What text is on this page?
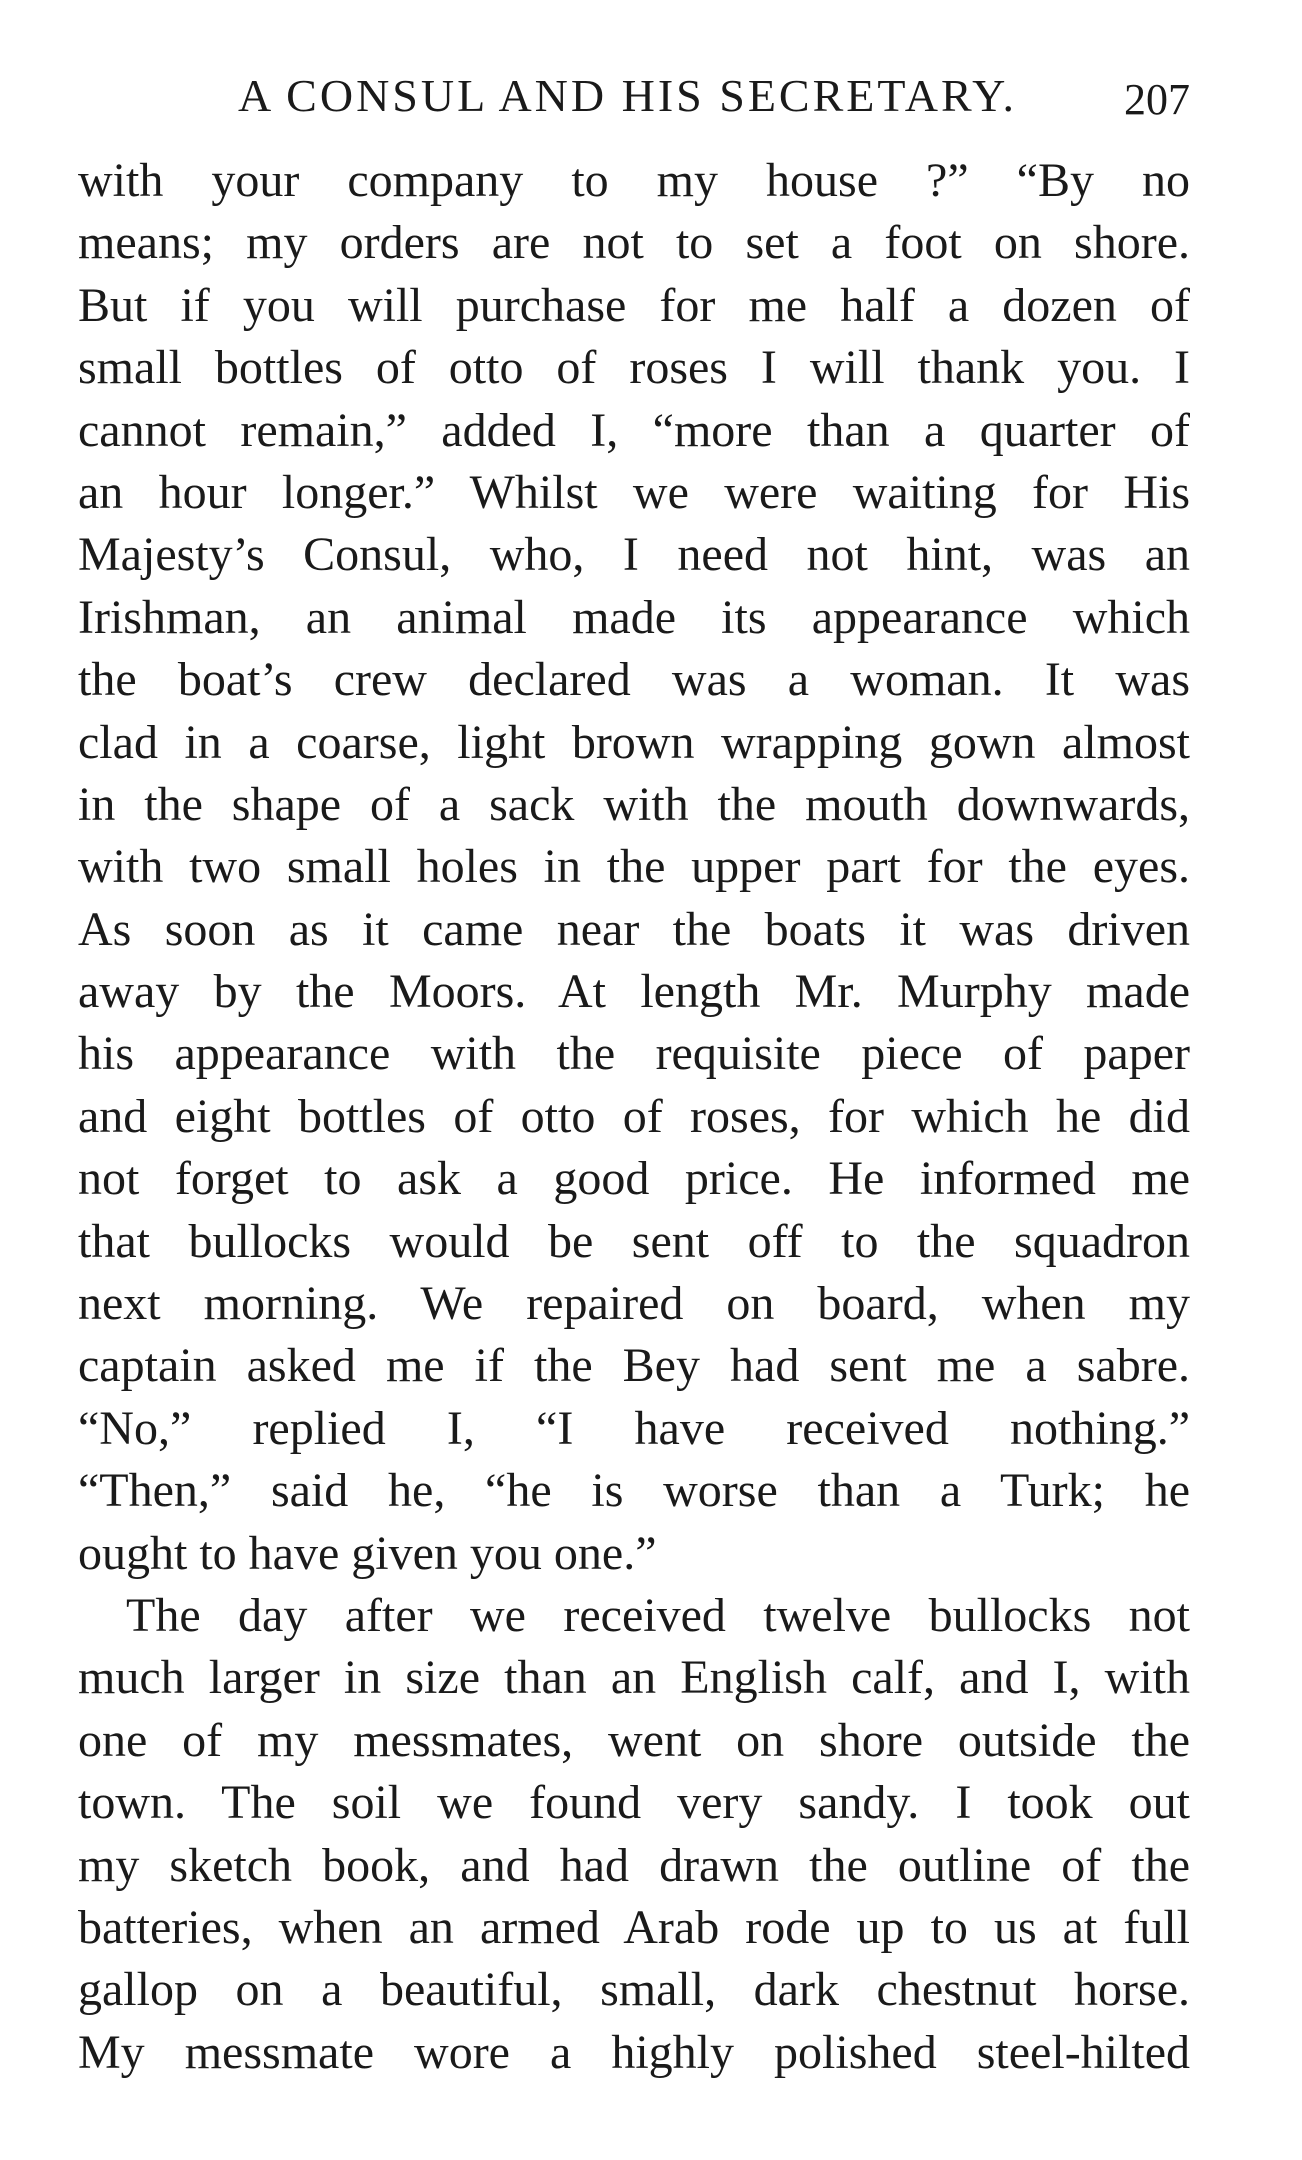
A CONSUL AND HIS SECRETARY. 207
with your company to my house ?” “By no
means; my orders are not to set a foot on shore.
But if you will purchase for me half a dozen of
small bottles of otto of roses I will thank you. I
cannot remain,” added I, “more than a quarter of
an hour longer.” Whilst we were waiting for His
Majesty’s Consul, who, I need not hint, was an
Irishman, an animal made its appearance which
the boat’s crew declared was a woman. It was
clad in a coarse, light brown wrapping gown almost
in the shape of a sack with the mouth downwards,
with two small holes in the upper part for the eyes.
As soon as it came near the boats it was driven
away by the Moors. At length Mr. Murphy made
his appearance with the requisite piece of paper
and eight bottles of otto of roses, for which he did
not forget to ask a good price. He informed me
that bullocks would be sent off to the squadron
next morning. We repaired on board, when my
captain asked me if the Bey had sent me a sabre.
“No,” replied I, “I have received nothing.”
“Then,” said he, “he is worse than a Turk; he
ought to have given you one.”
The day after we received twelve bullocks not
much larger in size than an English calf, and I, with
one of my messmates, went on shore outside the
town. The soil we found very sandy. I took out
my sketch book, and had drawn the outline of the
batteries, when an armed Arab rode up to us at full
gallop on a beautiful, small, dark chestnut horse.
My messmate wore a highly polished steel-hilted
